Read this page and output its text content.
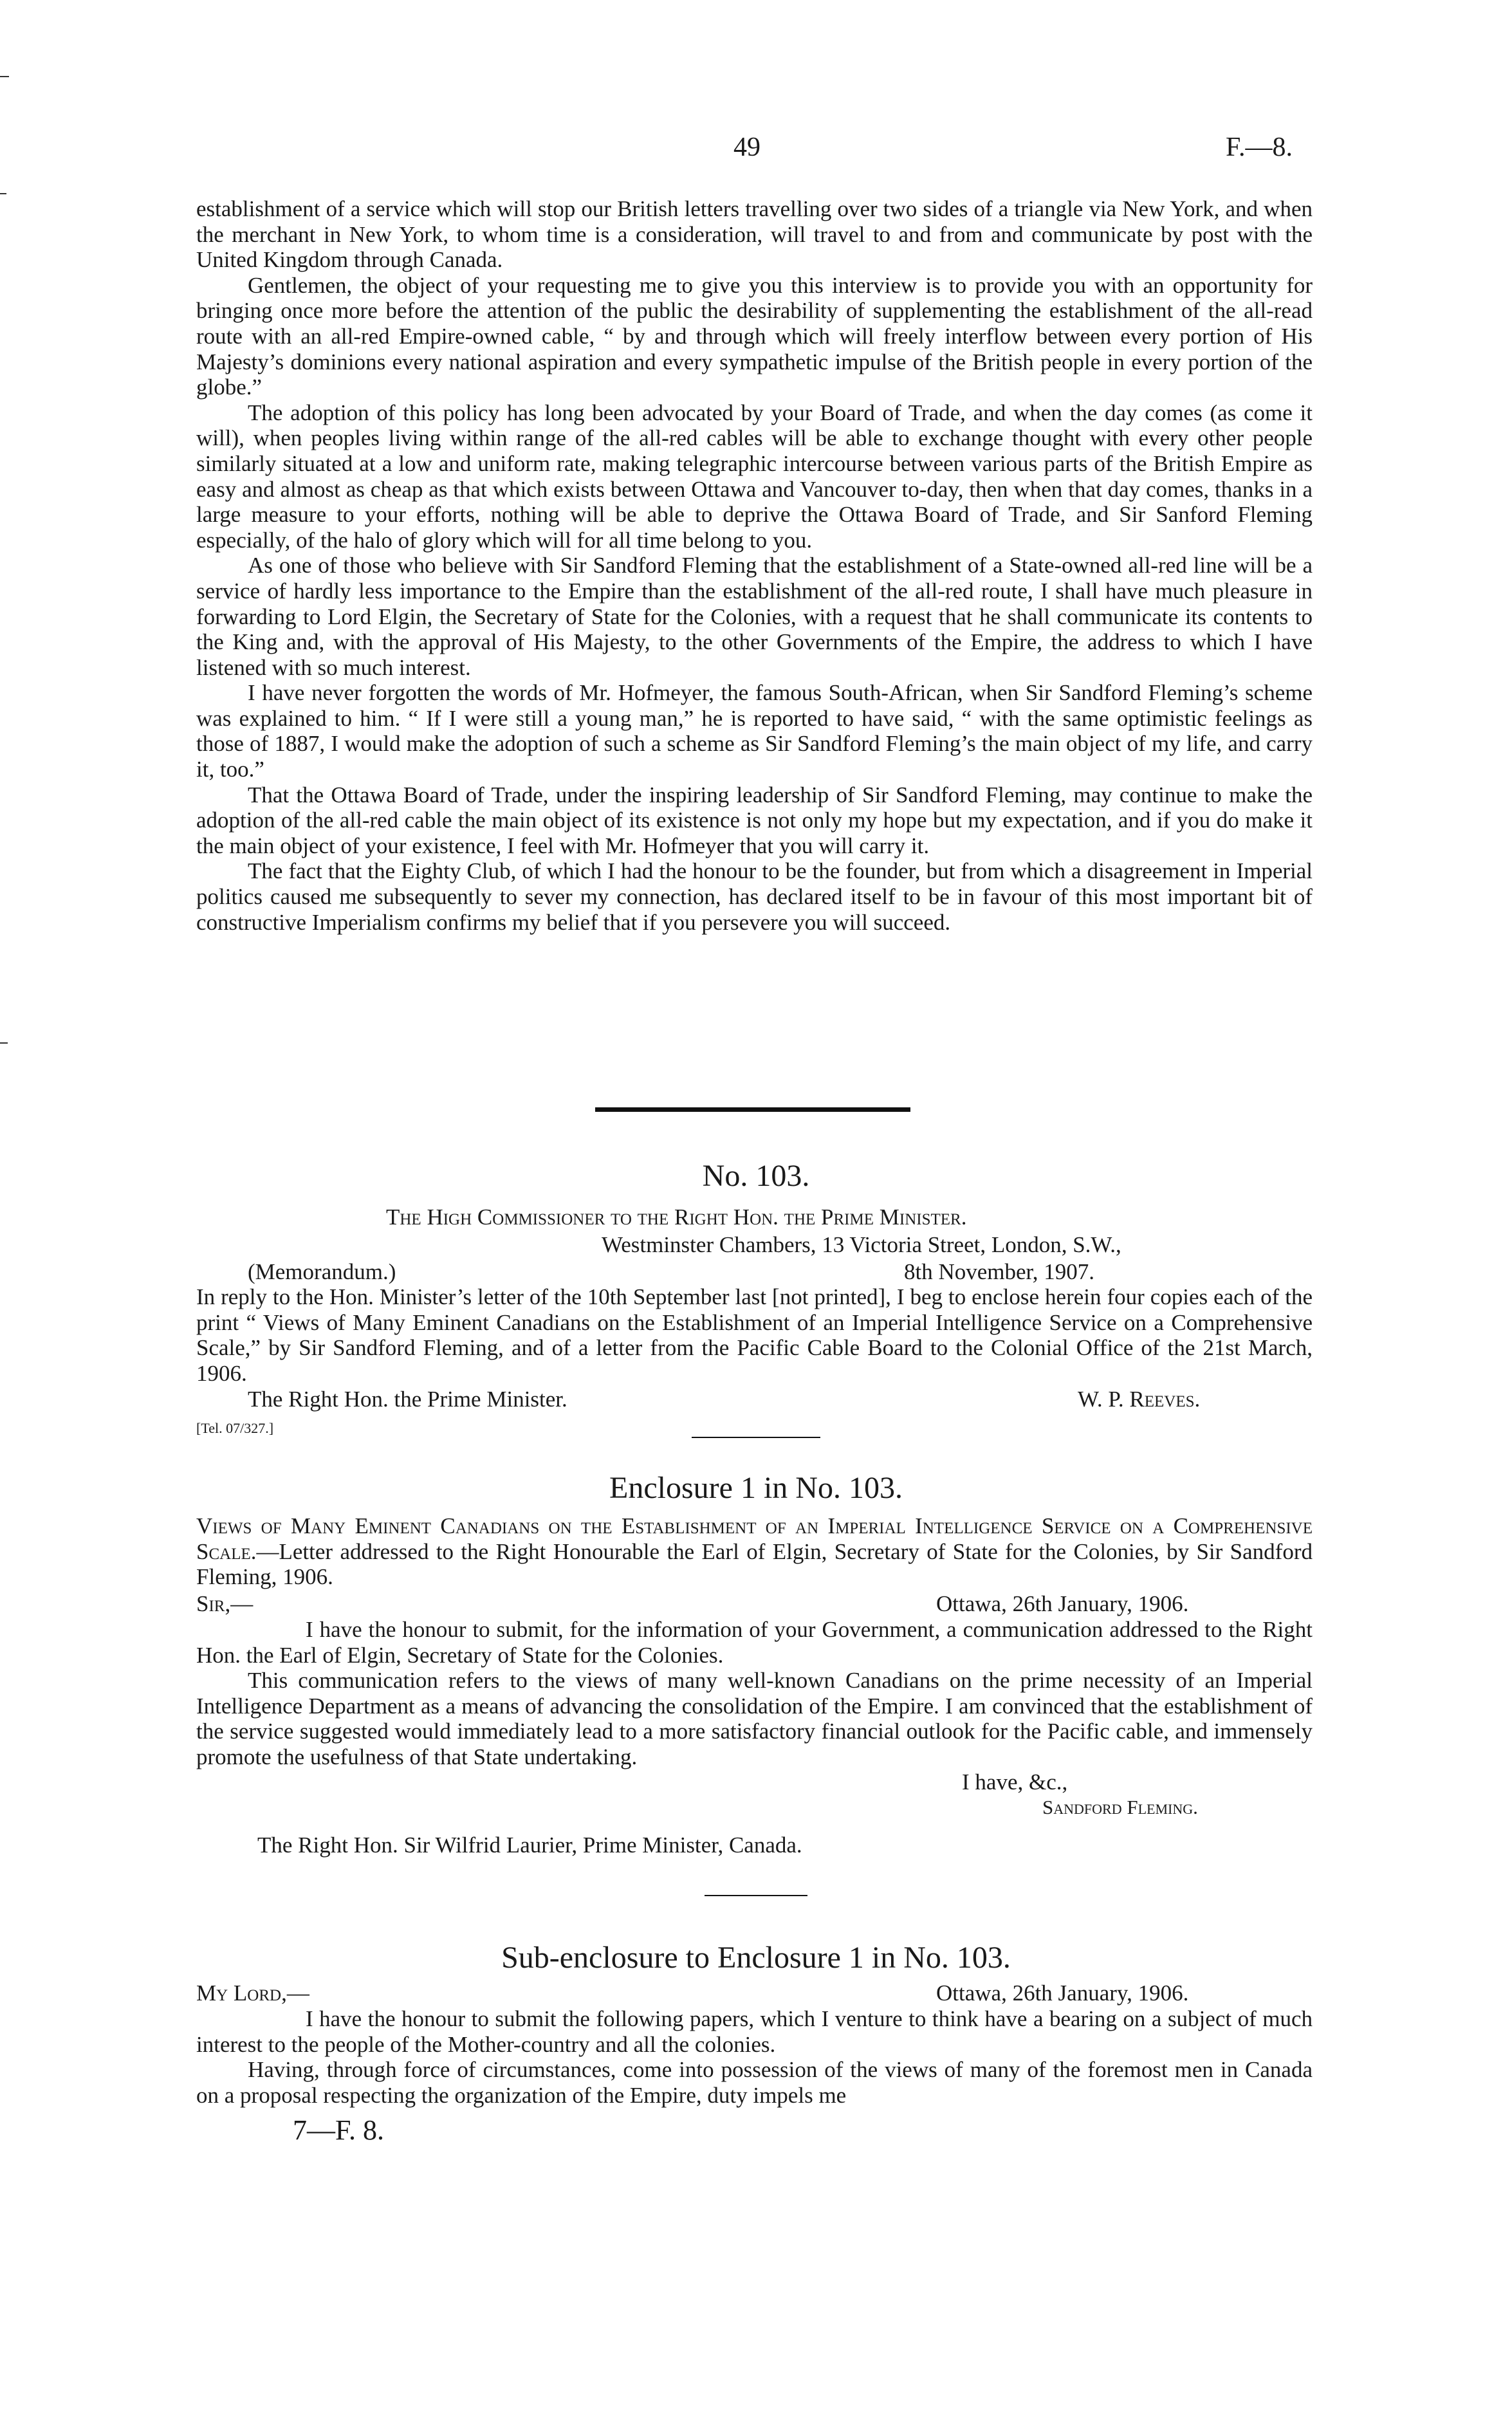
49	F.—8.

establishment of a service which will stop our British letters travelling over two sides of a triangle via New York, and when the merchant in New York, to whom time is a consideration, will travel to and from and communicate by post with the United Kingdom through Canada.

Gentlemen, the object of your requesting me to give you this interview is to provide you with an opportunity for bringing once more before the attention of the public the desirability of supplementing the establishment of the all-read route with an all-red Empire-owned cable, “ by and through which will freely interflow between every portion of His Majesty’s dominions every national aspiration and every sympathetic impulse of the British people in every portion of the globe.”

The adoption of this policy has long been advocated by your Board of Trade, and when the day comes (as come it will), when peoples living within range of the all-red cables will be able to exchange thought with every other people similarly situated at a low and uniform rate, making telegraphic intercourse between various parts of the British Empire as easy and almost as cheap as that which exists between Ottawa and Vancouver to-day, then when that day comes, thanks in a large measure to your efforts, nothing will be able to deprive the Ottawa Board of Trade, and Sir Sanford Fleming especially, of the halo of glory which will for all time belong to you.

As one of those who believe with Sir Sandford Fleming that the establishment of a State-owned all-red line will be a service of hardly less importance to the Empire than the establishment of the all-red route, I shall have much pleasure in forwarding to Lord Elgin, the Secretary of State for the Colonies, with a request that he shall communicate its contents to the King and, with the approval of His Majesty, to the other Governments of the Empire, the address to which I have listened with so much interest.

I have never forgotten the words of Mr. Hofmeyer, the famous South-African, when Sir Sandford Fleming’s scheme was explained to him. “ If I were still a young man,” he is reported to have said, “ with the same optimistic feelings as those of 1887, I would make the adoption of such a scheme as Sir Sandford Fleming’s the main object of my life, and carry it, too.”

That the Ottawa Board of Trade, under the inspiring leadership of Sir Sandford Fleming, may continue to make the adoption of the all-red cable the main object of its existence is not only my hope but my expectation, and if you do make it the main object of your existence, I feel with Mr. Hofmeyer that you will carry it.

The fact that the Eighty Club, of which I had the honour to be the founder, but from which a disagreement in Imperial politics caused me subsequently to sever my connection, has declared itself to be in favour of this most important bit of constructive Imperialism confirms my belief that if you persevere you will succeed.

No. 103.
The High Commissioner to the Right Hon. the Prime Minister.
Westminster Chambers, 13 Victoria Street, London, S.W.,
(Memorandum.)	8th November, 1907.

In reply to the Hon. Minister’s letter of the 10th September last [not printed], I beg to enclose herein four copies each of the print “ Views of Many Eminent Canadians on the Establishment of an Imperial Intelligence Service on a Comprehensive Scale,” by Sir Sandford Fleming, and of a letter from the Pacific Cable Board to the Colonial Office of the 21st March, 1906.

The Right Hon. the Prime Minister.	W. P. Reeves.
[Tel. 07/327.]
Enclosure 1 in No. 103.

Views of Many Eminent Canadians on the Establishment of an Imperial Intelligence Service on a Comprehensive Scale.—Letter addressed to the Right Honourable the Earl of Elgin, Secretary of State for the Colonies, by Sir Sandford Fleming, 1906.

Sir,—	Ottawa, 26th January, 1906.

I have the honour to submit, for the information of your Government, a communication addressed to the Right Hon. the Earl of Elgin, Secretary of State for the Colonies.

This communication refers to the views of many well-known Canadians on the prime necessity of an Imperial Intelligence Department as a means of advancing the consolidation of the Empire. I am convinced that the establishment of the service suggested would immediately lead to a more satisfactory financial outlook for the Pacific cable, and immensely promote the usefulness of that State undertaking.

I have, &c.,
Sandford Fleming.
The Right Hon. Sir Wilfrid Laurier, Prime Minister, Canada.
Sub-enclosure to Enclosure 1 in No. 103.
My Lord,—	Ottawa, 26th January, 1906.

I have the honour to submit the following papers, which I venture to think have a bearing on a subject of much interest to the people of the Mother-country and all the colonies.

Having, through force of circumstances, come into possession of the views of many of the foremost men in Canada on a proposal respecting the organization of the Empire, duty impels me

7—F. 8.
